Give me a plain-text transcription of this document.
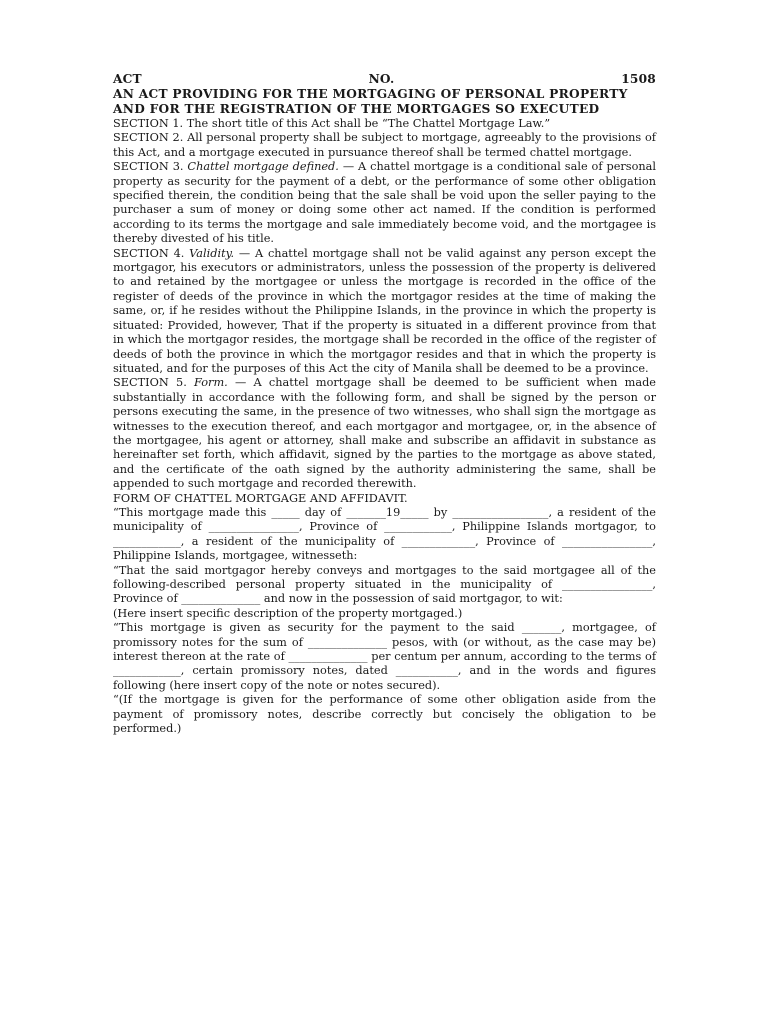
ACT	NO.	1508
AN ACT PROVIDING FOR THE MORTGAGING OF PERSONAL PROPERTY
AND FOR THE REGISTRATION OF THE MORTGAGES SO EXECUTED

SECTION 1. The short title of this Act shall be “The Chattel Mortgage Law.”

SECTION 2. All personal property shall be subject to mortgage, agreeably to the provisions of this Act, and a mortgage executed in pursuance thereof shall be termed chattel mortgage.

SECTION 3. Chattel mortgage defined. — A chattel mortgage is a conditional sale of personal property as security for the payment of a debt, or the performance of some other obligation specified therein, the condition being that the sale shall be void upon the seller paying to the purchaser a sum of money or doing some other act named. If the condition is performed according to its terms the mortgage and sale immediately become void, and the mortgagee is thereby divested of his title.

SECTION 4. Validity. — A chattel mortgage shall not be valid against any person except the mortgagor, his executors or administrators, unless the possession of the property is delivered to and retained by the mortgagee or unless the mortgage is recorded in the office of the register of deeds of the province in which the mortgagor resides at the time of making the same, or, if he resides without the Philippine Islands, in the province in which the property is situated: Provided, however, That if the property is situated in a different province from that in which the mortgagor resides, the mortgage shall be recorded in the office of the register of deeds of both the province in which the mortgagor resides and that in which the property is situated, and for the purposes of this Act the city of Manila shall be deemed to be a province.

SECTION 5. Form. — A chattel mortgage shall be deemed to be sufficient when made substantially in accordance with the following form, and shall be signed by the person or persons executing the same, in the presence of two witnesses, who shall sign the mortgage as witnesses to the execution thereof, and each mortgagor and mortgagee, or, in the absence of the mortgagee, his agent or attorney, shall make and subscribe an affidavit in substance as hereinafter set forth, which affidavit, signed by the parties to the mortgage as above stated, and the certificate of the oath signed by the authority administering the same, shall be appended to such mortgage and recorded therewith.

FORM OF CHATTEL MORTGAGE AND AFFIDAVIT.

“This mortgage made this _____ day of _______19_____ by _________________, a resident of the municipality of ________________, Province of ____________, Philippine Islands mortgagor, to ____________, a resident of the municipality of _____________, Province of ________________, Philippine Islands, mortgagee, witnesseth:

“That the said mortgagor hereby conveys and mortgages to the said mortgagee all of the following-described personal property situated in the municipality of ________________, Province of ______________ and now in the possession of said mortgagor, to wit:

(Here insert specific description of the property mortgaged.)

“This mortgage is given as security for the payment to the said _______, mortgagee, of promissory notes for the sum of ______________ pesos, with (or without, as the case may be) interest thereon at the rate of ______________ per centum per annum, according to the terms of ____________, certain promissory notes, dated ___________, and in the words and figures following (here insert copy of the note or notes secured).

“(If the mortgage is given for the performance of some other obligation aside from the payment of promissory notes, describe correctly but concisely the obligation to be performed.)
